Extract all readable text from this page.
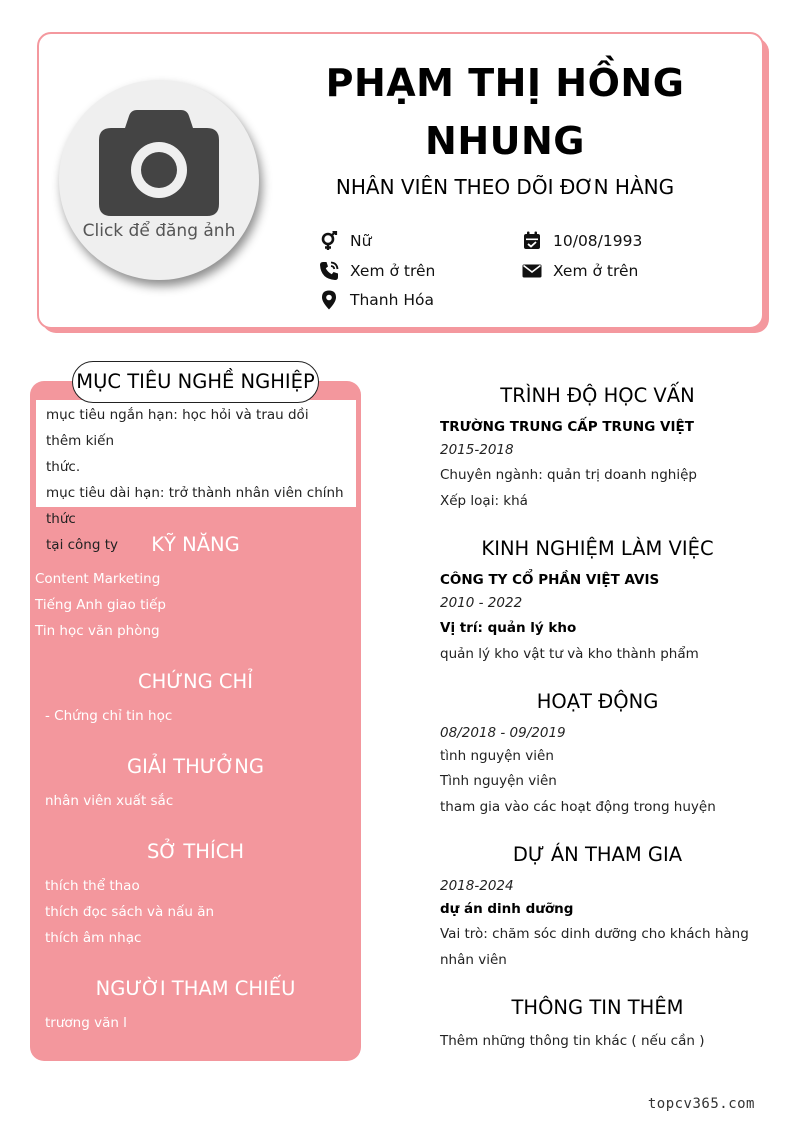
Click để đăng ảnh
PHẠM THỊ HỒNG
NHUNG
NHÂN VIÊN THEO DÕI ĐƠN HÀNG
Nữ	10/08/1993
Xem ở trên	Xem ở trên
Thanh Hóa
mục tiêu ngắn hạn: học hỏi và trau dồi thêm kiến
thức.
mục tiêu dài hạn: trở thành nhân viên chính thức
tại công ty
MỤC TIÊU NGHỀ NGHIỆP
KỸ NĂNG
Content Marketing
Tiếng Anh giao tiếp
Tin học văn phòng
CHỨNG CHỈ
- Chứng chỉ tin học
GIẢI THƯỞNG
nhân viên xuất sắc
SỞ THÍCH
thích thể thao
thích đọc sách và nấu ăn
thích âm nhạc
NGƯỜI THAM CHIẾU
trương văn l
TRÌNH ĐỘ HỌC VẤN
TRƯỜNG TRUNG CẤP TRUNG VIỆT
2015-2018
Chuyên ngành: quản trị doanh nghiệp
Xếp loại: khá
KINH NGHIỆM LÀM VIỆC
CÔNG TY CỔ PHẦN VIỆT AVIS
2010 - 2022
Vị trí: quản lý kho
quản lý kho vật tư và kho thành phẩm
HOẠT ĐỘNG
08/2018 - 09/2019
tình nguyện viên
Tình nguyện viên
tham gia vào các hoạt động trong huyện
DỰ ÁN THAM GIA
2018-2024
dự án dinh dưỡng
Vai trò: chăm sóc dinh dưỡng cho khách hàng
nhân viên
THÔNG TIN THÊM
Thêm những thông tin khác ( nếu cần )
topcv365.com
